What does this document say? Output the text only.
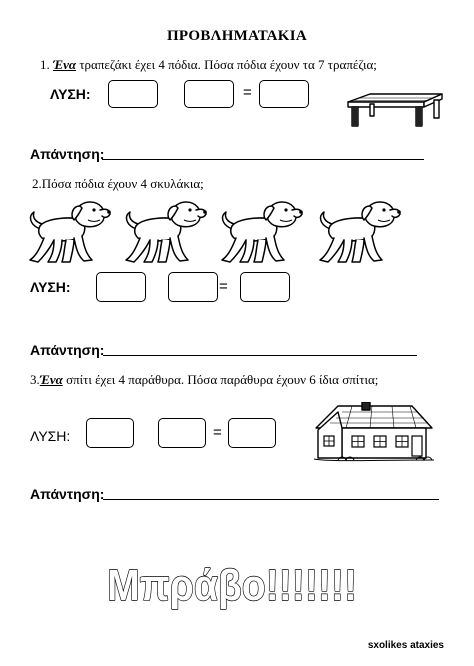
ΠΡΟΒΛΗΜΑΤΑΚΙΑ
1. Ένα τραπεζάκι έχει 4 πόδια. Πόσα πόδια έχουν τα 7 τραπέζια;
ΛΥΣΗ:	=
Απάντηση:
2.Πόσα πόδια έχουν 4 σκυλάκια;
ΛΥΣΗ:	=
Απάντηση:
3.Ένα σπίτι έχει 4 παράθυρα. Πόσα παράθυρα έχουν 6 ίδια σπίτια;
ΛΥΣΗ:	=
Απάντηση:
Μπράβο!!!!!!!
sxolikes ataxies
